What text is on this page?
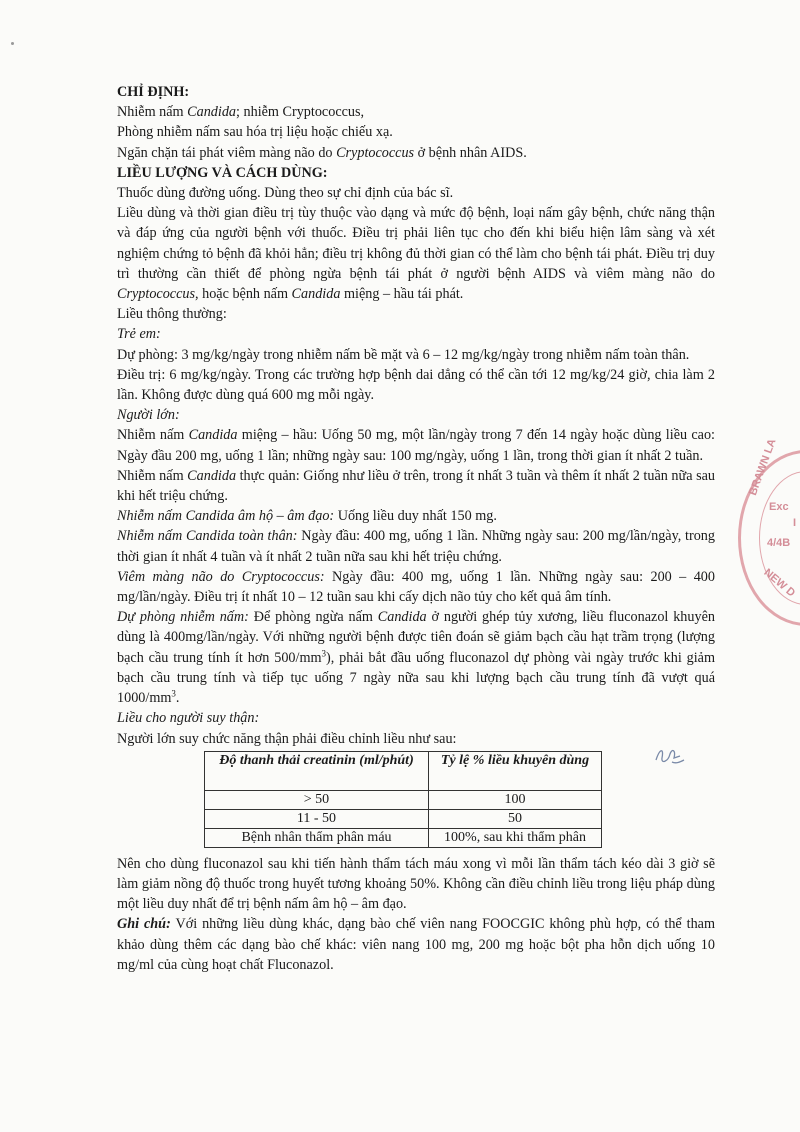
CHỈ ĐỊNH:

Nhiễm nấm Candida; nhiễm Cryptococcus,

Phòng nhiễm nấm sau hóa trị liệu hoặc chiếu xạ.

Ngăn chặn tái phát viêm màng não do Cryptococcus ở bệnh nhân AIDS.

LIỀU LƯỢNG VÀ CÁCH DÙNG:

Thuốc dùng đường uống. Dùng theo sự chỉ định của bác sĩ.

Liều dùng và thời gian điều trị tùy thuộc vào dạng và mức độ bệnh, loại nấm gây bệnh, chức năng thận và đáp ứng của người bệnh với thuốc. Điều trị phải liên tục cho đến khi biểu hiện lâm sàng và xét nghiệm chứng tỏ bệnh đã khỏi hẳn; điều trị không đủ thời gian có thể làm cho bệnh tái phát. Điều trị duy trì thường cần thiết để phòng ngừa bệnh tái phát ở người bệnh AIDS và viêm màng não do Cryptococcus, hoặc bệnh nấm Candida miệng – hầu tái phát.

Liều thông thường:

Trẻ em:

Dự phòng: 3 mg/kg/ngày trong nhiễm nấm bề mặt và 6 – 12 mg/kg/ngày trong nhiễm nấm toàn thân.

Điều trị: 6 mg/kg/ngày. Trong các trường hợp bệnh dai dẳng có thể cần tới 12 mg/kg/24 giờ, chia làm 2 lần. Không được dùng quá 600 mg mỗi ngày.

Người lớn:

Nhiễm nấm Candida miệng – hầu: Uống 50 mg, một lần/ngày trong 7 đến 14 ngày hoặc dùng liều cao: Ngày đầu 200 mg, uống 1 lần; những ngày sau: 100 mg/ngày, uống 1 lần, trong thời gian ít nhất 2 tuần.

Nhiễm nấm Candida thực quản: Giống như liều ở trên, trong ít nhất 3 tuần và thêm ít nhất 2 tuần nữa sau khi hết triệu chứng.

Nhiễm nấm Candida âm hộ – âm đạo: Uống liều duy nhất 150 mg.

Nhiễm nấm Candida toàn thân: Ngày đầu: 400 mg, uống 1 lần. Những ngày sau: 200 mg/lần/ngày, trong thời gian ít nhất 4 tuần và ít nhất 2 tuần nữa sau khi hết triệu chứng.

Viêm màng não do Cryptococcus: Ngày đầu: 400 mg, uống 1 lần. Những ngày sau: 200 – 400 mg/lần/ngày. Điều trị ít nhất 10 – 12 tuần sau khi cấy dịch não tủy cho kết quả âm tính.

Dự phòng nhiễm nấm: Để phòng ngừa nấm Candida ở người ghép tủy xương, liều fluconazol khuyên dùng là 400mg/lần/ngày. Với những người bệnh được tiên đoán sẽ giảm bạch cầu hạt trầm trọng (lượng bạch cầu trung tính ít hơn $500/mm^3$), phải bắt đầu uống fluconazol dự phòng vài ngày trước khi giảm bạch cầu trung tính và tiếp tục uống 7 ngày nữa sau khi lượng bạch cầu trung tính đã vượt quá $1000/mm^3$.

Liều cho người suy thận:

Người lớn suy chức năng thận phải điều chỉnh liều như sau:

Độ thanh thải creatinin (ml/phút)	Tỷ lệ % liều khuyên dùng
> 50	100
11 - 50	50
Bệnh nhân thẩm phân máu	100%, sau khi thẩm phân

Nên cho dùng fluconazol sau khi tiến hành thẩm tách máu xong vì mỗi lần thẩm tách kéo dài 3 giờ sẽ làm giảm nồng độ thuốc trong huyết tương khoảng 50%. Không cần điều chỉnh liều trong liệu pháp dùng một liều duy nhất để trị bệnh nấm âm hộ – âm đạo.

Ghi chú: Với những liều dùng khác, dạng bào chế viên nang FOOCGIC không phù hợp, có thể tham khảo dùng thêm các dạng bào chế khác: viên nang 100 mg, 200 mg hoặc bột pha hỗn dịch uống 10 mg/ml của cùng hoạt chất Fluconazol.

BRAWN LA
Exc
I
4/4B
NEW D
